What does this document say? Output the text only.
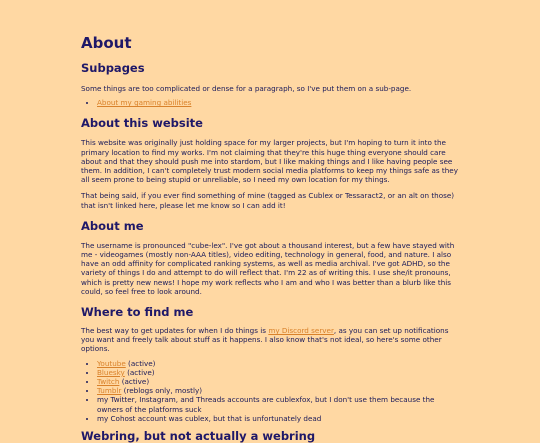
About
Subpages

Some things are too complicated or dense for a paragraph, so I've put them on a sub-page.

• About my gaming abilities
About this website

This website was originally just holding space for my larger projects, but I'm hoping to turn it into the primary location to find my works. I'm not claiming that they're this huge thing everyone should care about and that they should push me into stardom, but I like making things and I like having people see them. In addition, I can't completely trust modern social media platforms to keep my things safe as they all seem prone to being stupid or unreliable, so I need my own location for my things.

That being said, if you ever find something of mine (tagged as Cublex or Tessaract2, or an alt on those) that isn't linked here, please let me know so I can add it!

About me

The username is pronounced "cube-lex". I've got about a thousand interest, but a few have stayed with me - videogames (mostly non-AAA titles), video editing, technology in general, food, and nature. I also have an odd affinity for complicated ranking systems, as well as media archival. I've got ADHD, so the variety of things I do and attempt to do will reflect that. I'm 22 as of writing this. I use she/it pronouns, which is pretty new news! I hope my work reflects who I am and who I was better than a blurb like this could, so feel free to look around.

Where to find me

The best way to get updates for when I do things is my Discord server, as you can set up notifications you want and freely talk about stuff as it happens. I also know that's not ideal, so here's some other options.

• Youtube (active)
• Bluesky (active)
• Twitch (active)
• Tumblr (reblogs only, mostly)
• my Twitter, Instagram, and Threads accounts are cublexfox, but I don't use them because the owners of the platforms suck
• my Cohost account was cublex, but that is unfortunately dead
Webring, but not actually a webring
